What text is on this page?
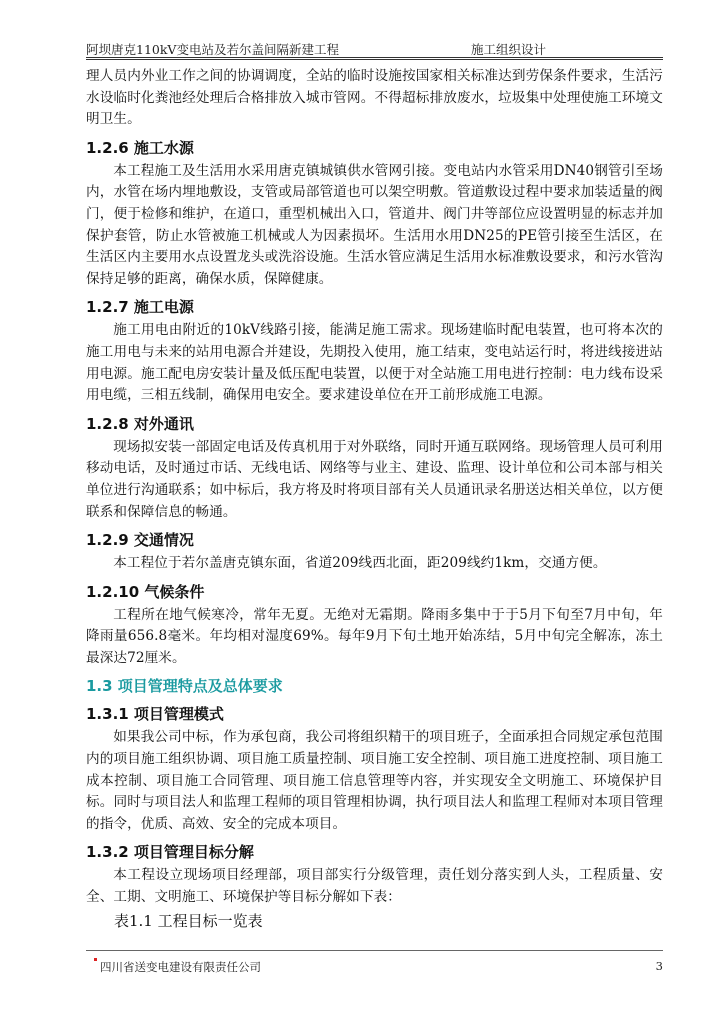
阿坝唐克110kV变电站及若尔盖间隔新建工程	施工组织设计

理人员内外业工作之间的协调调度，全站的临时设施按国家相关标准达到劳保条件要求，生活污水设临时化粪池经处理后合格排放入城市管网。不得超标排放废水，垃圾集中处理使施工环境文明卫生。

1.2.6 施工水源

本工程施工及生活用水采用唐克镇城镇供水管网引接。变电站内水管采用DN40钢管引至场内，水管在场内埋地敷设，支管或局部管道也可以架空明敷。管道敷设过程中要求加装适量的阀门，便于检修和维护，在道口，重型机械出入口，管道井、阀门井等部位应设置明显的标志并加保护套管，防止水管被施工机械或人为因素损坏。生活用水用DN25的PE管引接至生活区，在生活区内主要用水点设置龙头或洗浴设施。生活水管应满足生活用水标准敷设要求，和污水管沟保持足够的距离，确保水质，保障健康。

1.2.7 施工电源

施工用电由附近的10kV线路引接，能满足施工需求。现场建临时配电装置，也可将本次的施工用电与未来的站用电源合并建设，先期投入使用，施工结束，变电站运行时，将进线接进站用电源。施工配电房安装计量及低压配电装置，以便于对全站施工用电进行控制：电力线布设采用电缆，三相五线制，确保用电安全。要求建设单位在开工前形成施工电源。

1.2.8 对外通讯

现场拟安装一部固定电话及传真机用于对外联络，同时开通互联网络。现场管理人员可利用移动电话，及时通过市话、无线电话、网络等与业主、建设、监理、设计单位和公司本部与相关单位进行沟通联系；如中标后，我方将及时将项目部有关人员通讯录名册送达相关单位，以方便联系和保障信息的畅通。

1.2.9 交通情况

本工程位于若尔盖唐克镇东面，省道209线西北面，距209线约1km，交通方便。

1.2.10 气候条件

工程所在地气候寒冷，常年无夏。无绝对无霜期。降雨多集中于于5月下旬至7月中旬，年降雨量656.8毫米。年均相对湿度69%。每年9月下旬土地开始冻结，5月中旬完全解冻，冻土最深达72厘米。

1.3 项目管理特点及总体要求
1.3.1 项目管理模式

如果我公司中标，作为承包商，我公司将组织精干的项目班子，全面承担合同规定承包范围内的项目施工组织协调、项目施工质量控制、项目施工安全控制、项目施工进度控制、项目施工成本控制、项目施工合同管理、项目施工信息管理等内容，并实现安全文明施工、环境保护目标。同时与项目法人和监理工程师的项目管理相协调，执行项目法人和监理工程师对本项目管理的指令，优质、高效、安全的完成本项目。

1.3.2 项目管理目标分解

本工程设立现场项目经理部，项目部实行分级管理，责任划分落实到人头，工程质量、安全、工期、文明施工、环境保护等目标分解如下表：

表1.1 工程目标一览表
四川省送变电建设有限责任公司	3
